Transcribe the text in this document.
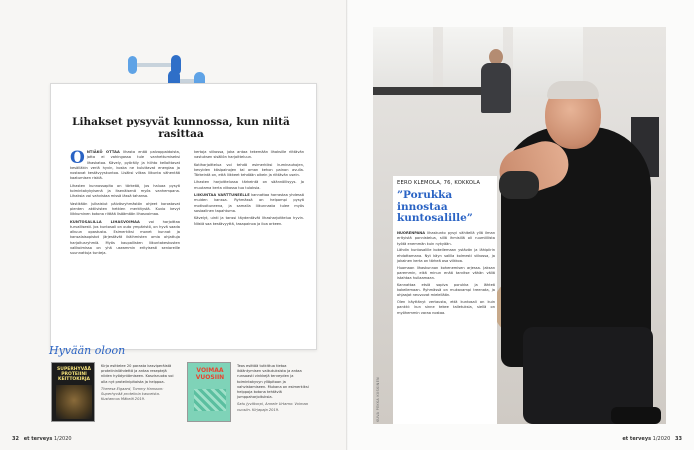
Lihakset pysyvät kunnossa, kun niitä rasittaa

O NTIÄKÖ OTTAA lihasta enää palvoppaidoista, jotta ei vahingossa tule vanhettumiseksi lihaskatoa. Kävely, pyöräily ja hiihto kelloittavat kesälläkin veriä hyvin, koska ne kuluttavat energiaa ja nostavat kestävyyskuntoa. Lisäksi vilkas liikunta vähentää kaatumisen riskiä.

Lihasten kunnossapito on tärkeää, jos haluaa pysyä toimintakykyisenä ja itsenäisenä myös vanhempana. Lihaksia voi vahvistaa missä iässä tahansa.

Vastikään julkaistut päiväsryhmästön ohjeet korostavat pienten aktiivisten hetkien merkitystä. Kuvio kevyt liikkuminen kotona riittää lisäämään lihasvoimaa.

KUNTOSALILLA LIHASVOIMAA voi harjoittaa turvallisesti. Jos kuntosali on outo ympäristö, on hyvä saada alkuun opastusta. Esimerkiksi monet kunnat ja kansalaisopistot järjestävät ikäihmisten omia ohjattuja harjoitusryhmiä. Myös kaupallisten liikuntakeskusten valikoimissa on yhä useammin erityisesti senioreille suunnattuja tunteja.

kertoja viikossa, joka antaa tekemään lihaksille riittävän vastuksen sisällön harjoitteluun.

Kotiharjoittelua voi tehdä esimerkiksi kuminauhojen, kevyiden käsipainojen tai oman kehon painon avulla. Tärkeintä on, että liikkeet tehdään oikein ja riittävän usein.

Lihasten harjoittelussa tärkeintä on säännöllisyys. Jo muutama kerta viikossa tuo tuloksia.

LIIKUNTAA VARTTUNEELLE kannattaa harrastaa yhdessä muiden kanssa. Ryhmässä on helpompi pysyä motivoituneena, ja samalla liikunnasta tulee myös sosiaalinen tapahtuma.

Kävelyt, uinti ja tanssi täydentävät lihasharjoittelua hyvin. Niistä saa kestävyyttä, tasapainoa ja iloa arkeen.

Hyvään oloon
SUPERHYVÄÄ PROTEIINI KEITTOKIRJA
Kirja esittelee 20 parasta kasviperäistä proteiininlähdettä ja antaa reseptejä niiden hyödyntämiseen. Kasvisruoka voi olla nyt proteiinipitoista ja helppoa.
Theresa Elgaard, Tommy Hansson: Superhyvää proteiinia kasveista. Kustannus Mäkelä 2019.
VOIMAA VUOSIIN
Teos esittää tutkittua tietoa ikääntymisen vaikutuksista ja antaa runsaasti vinkkejä terveyden ja toimintakyvyn ylläpitoon ja vahvistamiseen. Mukana on esimerkiksi helppoja kotona tehtäviä jumppaharjoituksia.
Satu Jyväkorpi, Annele Urtamo: Voimaa vuosiin. Kirjapaja 2019.
32 et terveys 1/2020
KUVA PEKKA KIISKINEN
EERO KLEMOLA, 76, KOKKOLA
”Porukka innostaa kuntosalille”

NUORENPANA lihaskunto pysyi vähitellä yllä ilman erityistä ponnistelua, sillä ihmisillä oli ruumiillista työtä enemmän kuin nykyään.

Lähdin kuntosalille kokeilemaan ystävän ja lähipiirin ehdottamana. Nyt käyn salilla kolmesti viikossa, ja jokainen kerta on tärkeä osa viikkoa.

Huomaan lihaskunnon kohenemisen arjessa. Jaksan paremmin, eikä minun enää tarvitse vähän väliä istahtaa huilaamaan.

Kannattaa etsiä sopiva porukka ja lähteä kokeilemaan. Ryhmässä on mukavampi treenata, ja ohjaajat neuvovat mielellään.

Olen käyttänyt vertausta, että kuntosali on kuin pankki: kun sinne tekee talletuksia, siellä on myöhemmin varaa nostaa.

et terveys 1/2020 33
